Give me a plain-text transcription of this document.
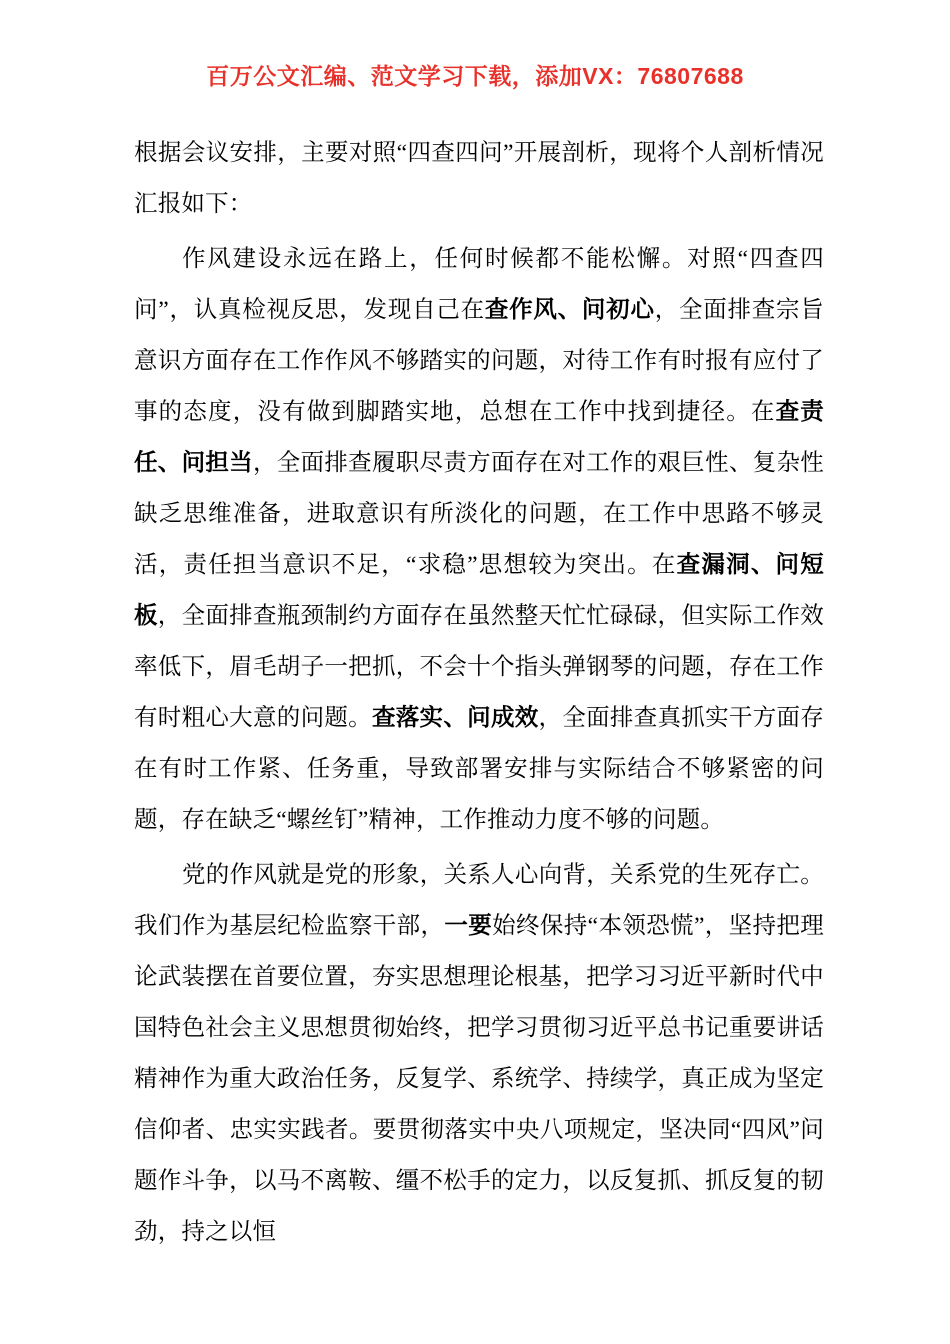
百万公文汇编、范文学习下载，添加VX：76807688

根据会议安排，主要对照“四查四问”开展剖析，现将个人剖析情况汇报如下：

作风建设永远在路上，任何时候都不能松懈。对照“四查四问”，认真检视反思，发现自己在查作风、问初心，全面排查宗旨意识方面存在工作作风不够踏实的问题，对待工作有时报有应付了事的态度，没有做到脚踏实地，总想在工作中找到捷径。在查责任、问担当，全面排查履职尽责方面存在对工作的艰巨性、复杂性缺乏思维准备，进取意识有所淡化的问题，在工作中思路不够灵活，责任担当意识不足，“求稳”思想较为突出。在查漏洞、问短板，全面排查瓶颈制约方面存在虽然整天忙忙碌碌，但实际工作效率低下，眉毛胡子一把抓，不会十个指头弹钢琴的问题，存在工作有时粗心大意的问题。查落实、问成效，全面排查真抓实干方面存在有时工作紧、任务重，导致部署安排与实际结合不够紧密的问题，存在缺乏“螺丝钉”精神，工作推动力度不够的问题。

党的作风就是党的形象，关系人心向背，关系党的生死存亡。我们作为基层纪检监察干部，一要始终保持“本领恐慌”，坚持把理论武装摆在首要位置，夯实思想理论根基，把学习习近平新时代中国特色社会主义思想贯彻始终，把学习贯彻习近平总书记重要讲话精神作为重大政治任务，反复学、系统学、持续学，真正成为坚定信仰者、忠实实践者。要贯彻落实中央八项规定，坚决同“四风”问题作斗争，以马不离鞍、缰不松手的定力，以反复抓、抓反复的韧劲，持之以恒
